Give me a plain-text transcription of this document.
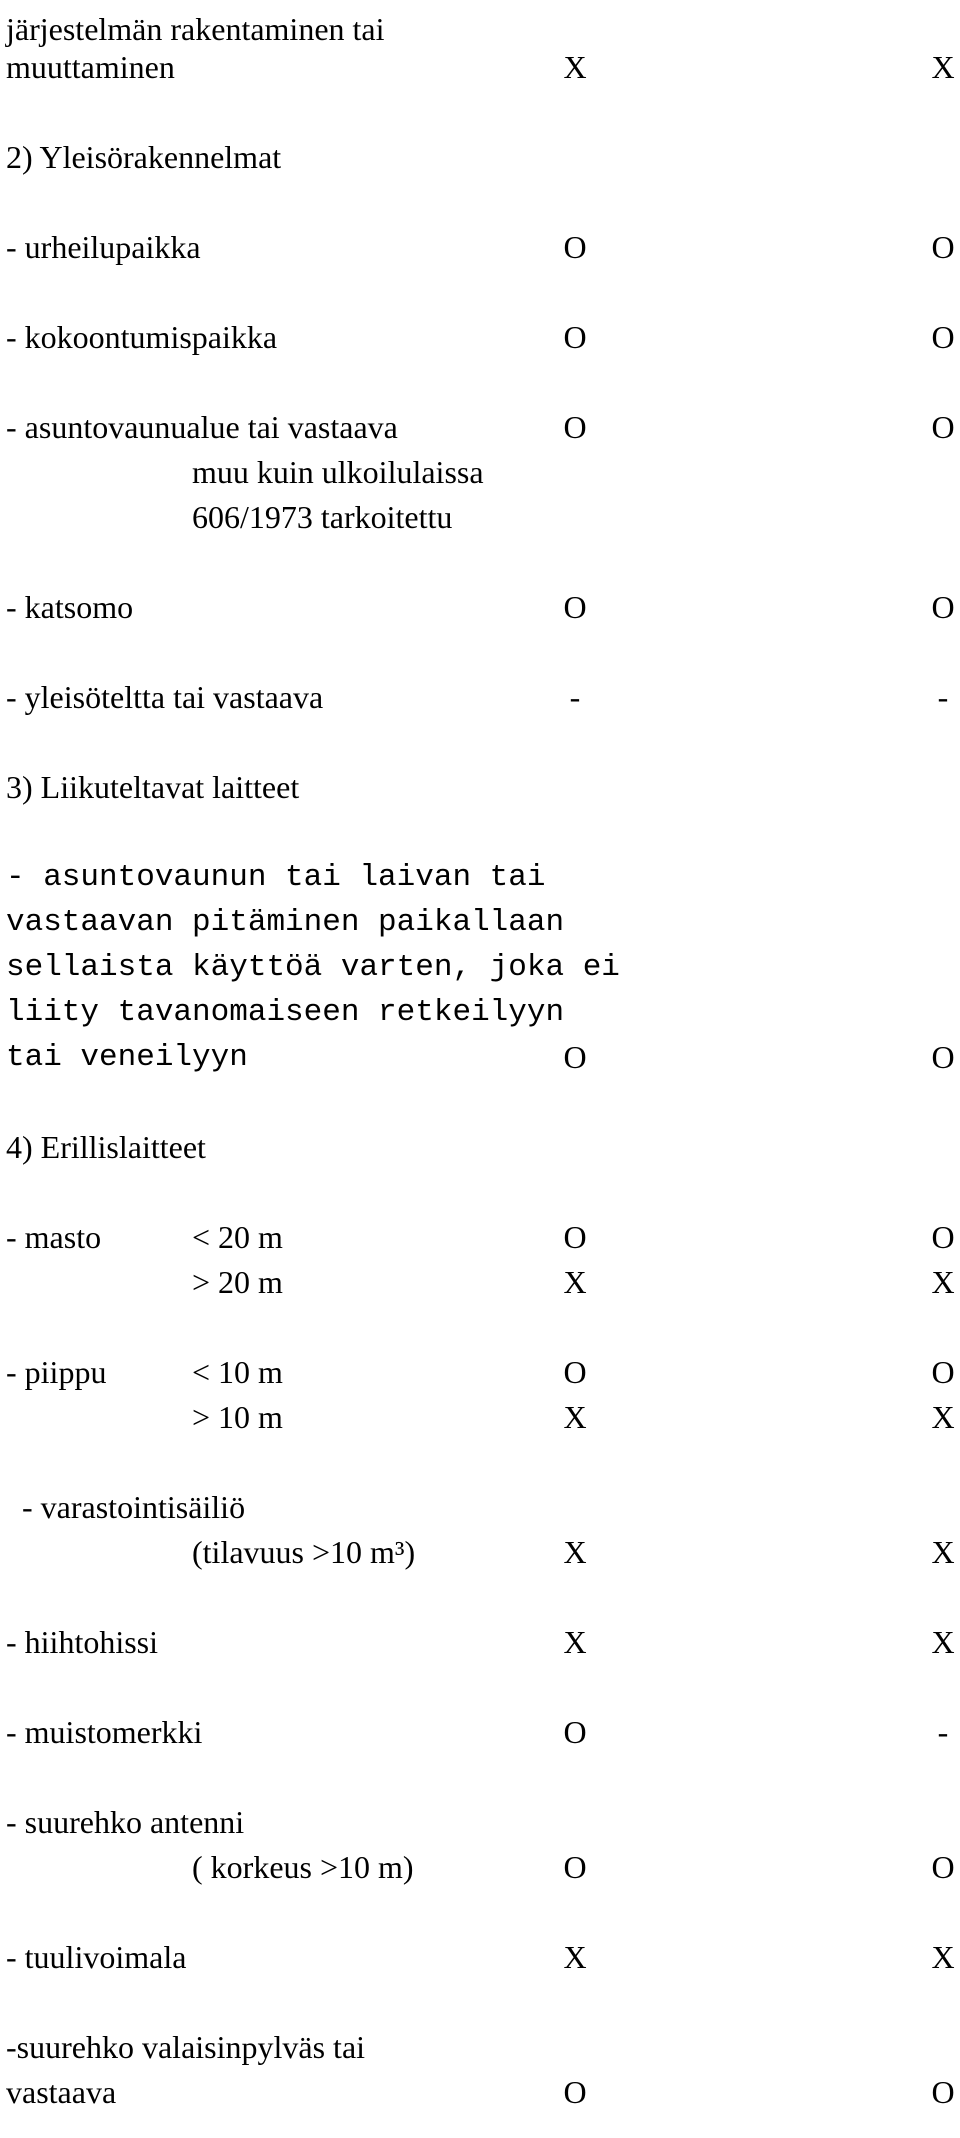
järjestelmän rakentaminen tai
muuttaminen	X	X
2) Yleisörakennelmat
- urheilupaikka	O	O
- kokoontumispaikka	O	O
- asuntovaunualue tai vastaava	O	O
muu kuin ulkoilulaissa
606/1973 tarkoitettu
- katsomo	O	O
- yleisöteltta tai vastaava	-	-
3) Liikuteltavat laitteet
- asuntovaunun tai laivan tai
vastaavan pitäminen paikallaan
sellaista käyttöä varten, joka ei
liity tavanomaiseen retkeilyyn
tai veneilyyn	O	O
4) Erillislaitteet
- masto	< 20 m	O	O
> 20 m	X	X
- piippu	< 10 m	O	O
> 10 m	X	X
- varastointisäiliö
(tilavuus >10 m³)	X	X
- hiihtohissi	X	X
- muistomerkki	O	-
- suurehko antenni
( korkeus >10 m)	O	O
- tuulivoimala	X	X
-suurehko valaisinpylväs tai
vastaava	O	O
